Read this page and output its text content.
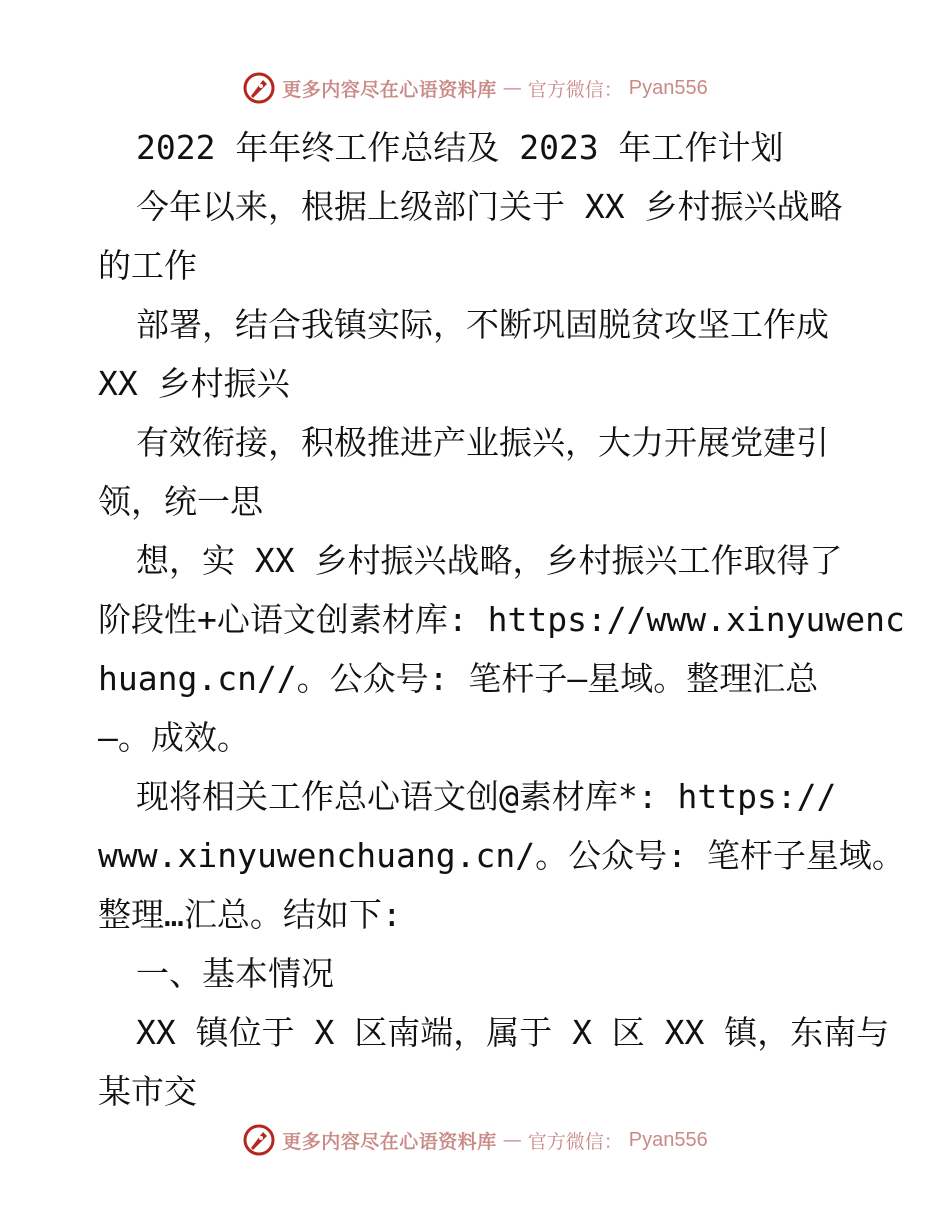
更多内容尽在心语资料库 — 官方微信： Pyan556
2022 年年终工作总结及 2023 年工作计划
今年以来，根据上级部门关于 XX 乡村振兴战略
的工作
部署，结合我镇实际，不断巩固脱贫攻坚工作成
XX 乡村振兴
有效衔接，积极推进产业振兴，大力开展党建引
领，统一思
想，实 XX 乡村振兴战略，乡村振兴工作取得了
阶段性+心语文创素材库: https://www.xinyuwenc
huang.cn//。公众号: 笔杆子—星域。整理汇总
—。成效。
现将相关工作总心语文创@素材库*: https://
www.xinyuwenchuang.cn/。公众号: 笔杆子星域。
整理…汇总。结如下:
一、基本情况
XX 镇位于 X 区南端，属于 X 区 XX 镇，东南与
某市交
更多内容尽在心语资料库 — 官方微信： Pyan556
